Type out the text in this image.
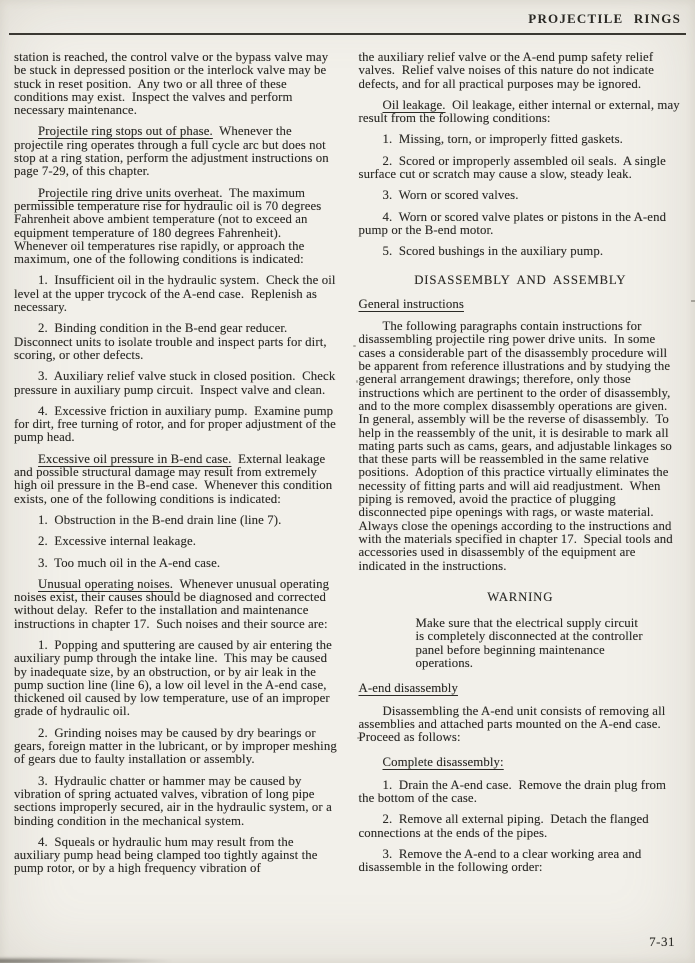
PROJECTILE RINGS
station is reached, the control valve or the bypass valve may be stuck in depressed position or the interlock valve may be stuck in reset position.  Any two or all three of these conditions may exist.  Inspect the valves and perform necessary maintenance.
Projectile ring stops out of phase.  Whenever the projectile ring operates through a full cycle arc but does not stop at a ring station, perform the adjustment instructions on page 7-29, of this chapter.
Projectile ring drive units overheat.  The maximum permissible temperature rise for hydraulic oil is 70 degrees Fahrenheit above ambient temperature (not to exceed an equipment temperature of 180 degrees Fahrenheit).  Whenever oil temperatures rise rapidly, or approach the maximum, one of the following conditions is indicated:
1.  Insufficient oil in the hydraulic system.  Check the oil level at the upper trycock of the A-end case.  Replenish as necessary.
2.  Binding condition in the B-end gear reducer.  Disconnect units to isolate trouble and inspect parts for dirt, scoring, or other defects.
3.  Auxiliary relief valve stuck in closed position.  Check pressure in auxiliary pump circuit.  Inspect valve and clean.
4.  Excessive friction in auxiliary pump.  Examine pump for dirt, free turning of rotor, and for proper adjustment of the pump head.
Excessive oil pressure in B-end case.  External leakage and possible structural damage may result from extremely high oil pressure in the B-end case.  Whenever this condition exists, one of the following conditions is indicated:
1.  Obstruction in the B-end drain line (line 7).
2.  Excessive internal leakage.
3.  Too much oil in the A-end case.
Unusual operating noises.  Whenever unusual operating noises exist, their causes should be diagnosed and corrected without delay.  Refer to the installation and maintenance instructions in chapter 17.  Such noises and their source are:
1.  Popping and sputtering are caused by air entering the auxiliary pump through the intake line.  This may be caused by inadequate size, by an obstruction, or by air leak in the pump suction line (line 6), a low oil level in the A-end case, thickened oil caused by low temperature, use of an improper grade of hydraulic oil.
2.  Grinding noises may be caused by dry bearings or gears, foreign matter in the lubricant, or by improper meshing of gears due to faulty installation or assembly.
3.  Hydraulic chatter or hammer may be caused by vibration of spring actuated valves, vibration of long pipe sections improperly secured, air in the hydraulic system, or a binding condition in the mechanical system.
4.  Squeals or hydraulic hum may result from the auxiliary pump head being clamped too tightly against the pump rotor, or by a high frequency vibration of
the auxiliary relief valve or the A-end pump safety relief valves.  Relief valve noises of this nature do not indicate defects, and for all practical purposes may be ignored.
Oil leakage.  Oil leakage, either internal or external, may result from the following conditions:
1.  Missing, torn, or improperly fitted gaskets.
2.  Scored or improperly assembled oil seals.  A single surface cut or scratch may cause a slow, steady leak.
3.  Worn or scored valves.
4.  Worn or scored valve plates or pistons in the A-end pump or the B-end motor.
5.  Scored bushings in the auxiliary pump.
DISASSEMBLY AND ASSEMBLY
General instructions
The following paragraphs contain instructions for disassembling projectile ring power drive units.  In some cases a considerable part of the disassembly procedure will be apparent from reference illustrations and by studying the general arrangement drawings; therefore, only those instructions which are pertinent to the order of disassembly, and to the more complex disassembly operations are given.  In general, assembly will be the reverse of disassembly.  To help in the reassembly of the unit, it is desirable to mark all mating parts such as cams, gears, and adjustable linkages so that these parts will be reassembled in the same relative positions.  Adoption of this practice virtually eliminates the necessity of fitting parts and will aid readjustment.  When piping is removed, avoid the practice of plugging disconnected pipe openings with rags, or waste material.  Always close the openings according to the instructions and with the materials specified in chapter 17.  Special tools and accessories used in disassembly of the equipment are indicated in the instructions.
WARNING
Make sure that the electrical supply circuit is completely disconnected at the controller panel before beginning maintenance operations.
A-end disassembly
Disassembling the A-end unit consists of removing all assemblies and attached parts mounted on the A-end case.  Proceed as follows:
Complete disassembly:
1.  Drain the A-end case.  Remove the drain plug from the bottom of the case.
2.  Remove all external piping.  Detach the flanged connections at the ends of the pipes.
3.  Remove the A-end to a clear working area and disassemble in the following order:
7-31
